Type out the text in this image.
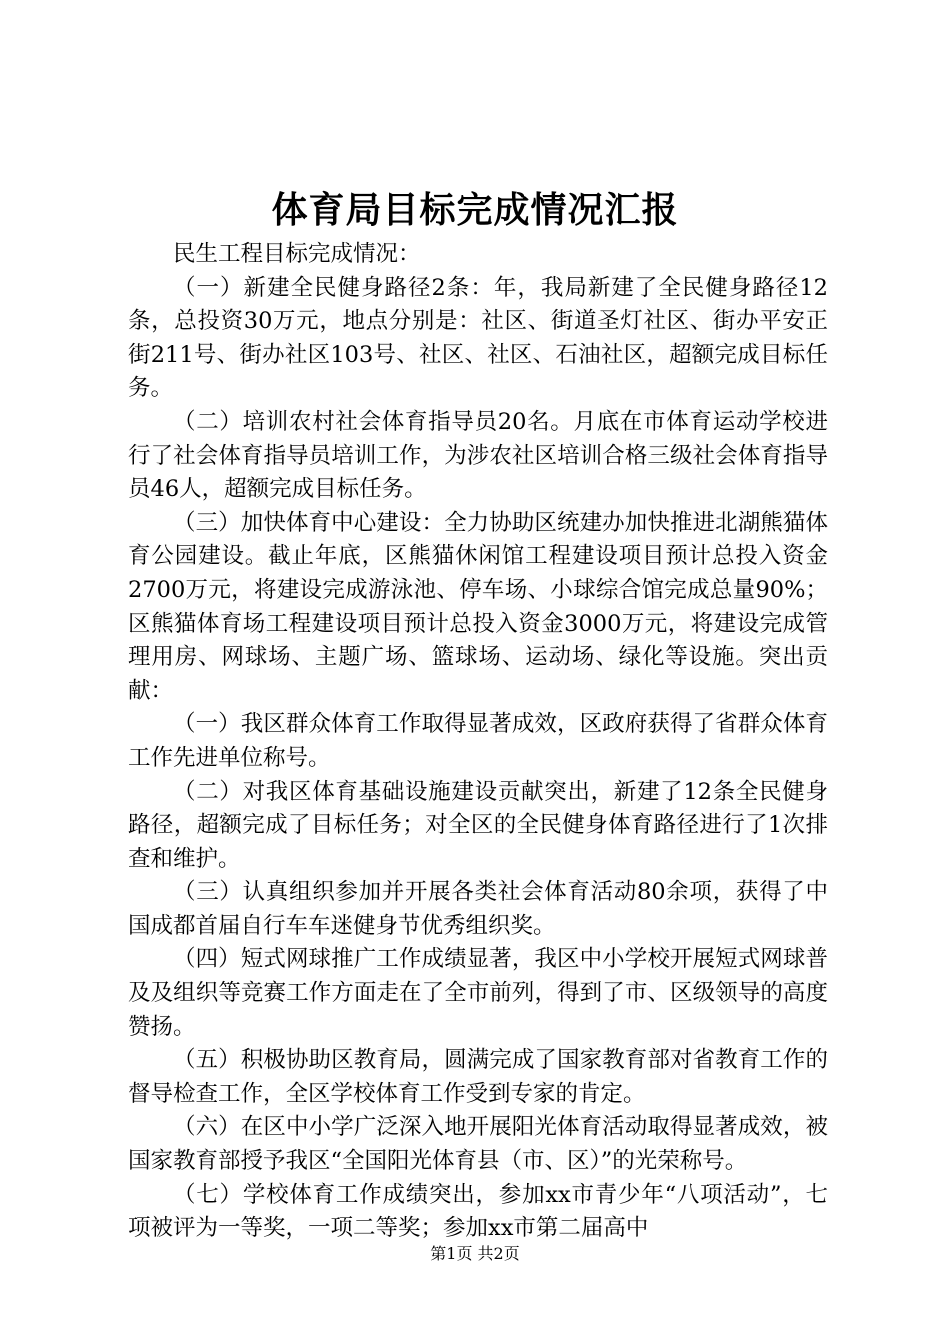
体育局目标完成情况汇报

民生工程目标完成情况：

（一）新建全民健身路径2条：年，我局新建了全民健身路径12条，总投资30万元，地点分别是：社区、街道圣灯社区、街办平安正街211号、街办社区103号、社区、社区、石油社区，超额完成目标任务。

（二）培训农村社会体育指导员20名。月底在市体育运动学校进行了社会体育指导员培训工作，为涉农社区培训合格三级社会体育指导员46人，超额完成目标任务。

（三）加快体育中心建设：全力协助区统建办加快推进北湖熊猫体育公园建设。截止年底，区熊猫休闲馆工程建设项目预计总投入资金2700万元，将建设完成游泳池、停车场、小球综合馆完成总量90%；区熊猫体育场工程建设项目预计总投入资金3000万元，将建设完成管理用房、网球场、主题广场、篮球场、运动场、绿化等设施。突出贡献：

（一）我区群众体育工作取得显著成效，区政府获得了省群众体育工作先进单位称号。

（二）对我区体育基础设施建设贡献突出，新建了12条全民健身路径，超额完成了目标任务；对全区的全民健身体育路径进行了1次排查和维护。

（三）认真组织参加并开展各类社会体育活动80余项，获得了中国成都首届自行车车迷健身节优秀组织奖。

（四）短式网球推广工作成绩显著，我区中小学校开展短式网球普及及组织等竞赛工作方面走在了全市前列，得到了市、区级领导的高度赞扬。

（五）积极协助区教育局，圆满完成了国家教育部对省教育工作的督导检查工作，全区学校体育工作受到专家的肯定。

（六）在区中小学广泛深入地开展阳光体育活动取得显著成效，被国家教育部授予我区“全国阳光体育县（市、区）”的光荣称号。

（七）学校体育工作成绩突出，参加xx市青少年“八项活动”，七项被评为一等奖，一项二等奖；参加xx市第二届高中

第1页 共2页
